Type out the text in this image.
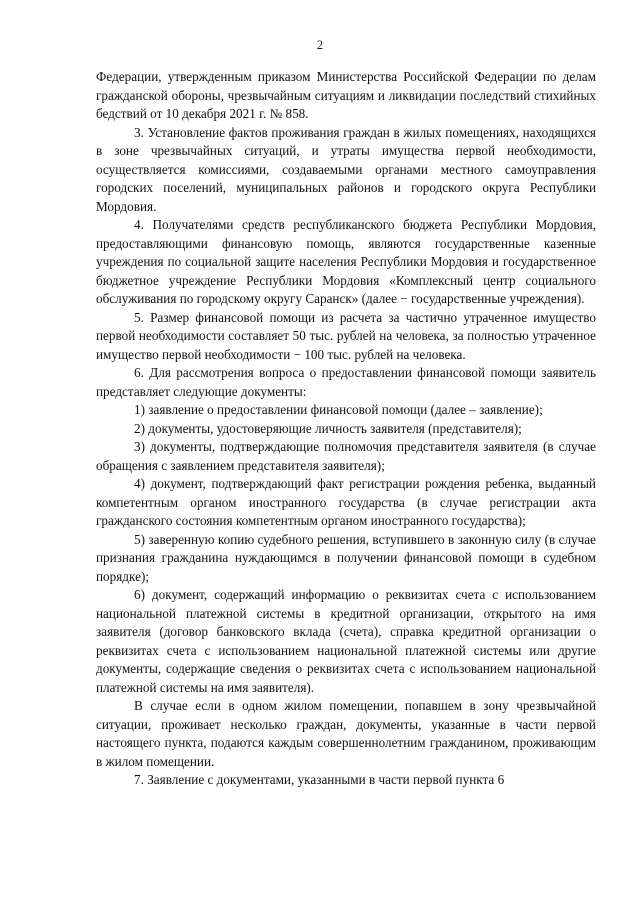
2

Федерации, утвержденным приказом Министерства Российской Федерации по делам гражданской обороны, чрезвычайным ситуациям и ликвидации последствий стихийных бедствий от 10 декабря 2021 г. № 858.

3. Установление фактов проживания граждан в жилых помещениях, находящихся в зоне чрезвычайных ситуаций, и утраты имущества первой необходимости, осуществляется комиссиями, создаваемыми органами местного самоуправления городских поселений, муниципальных районов и городского округа Республики Мордовия.

4. Получателями средств республиканского бюджета Республики Мордовия, предоставляющими финансовую помощь, являются государственные казенные учреждения по социальной защите населения Республики Мордовия и государственное бюджетное учреждение Республики Мордовия «Комплексный центр социального обслуживания по городскому округу Саранск» (далее − государственные учреждения).

5. Размер финансовой помощи из расчета за частично утраченное имущество первой необходимости составляет 50 тыс. рублей на человека, за полностью утраченное имущество первой необходимости − 100 тыс. рублей на человека.

6. Для рассмотрения вопроса о предоставлении финансовой помощи заявитель представляет следующие документы:

1) заявление о предоставлении финансовой помощи (далее – заявление);

2) документы, удостоверяющие личность заявителя (представителя);

3) документы, подтверждающие полномочия представителя заявителя (в случае обращения с заявлением представителя заявителя);

4) документ, подтверждающий факт регистрации рождения ребенка, выданный компетентным органом иностранного государства (в случае регистрации акта гражданского состояния компетентным органом иностранного государства);

5) заверенную копию судебного решения, вступившего в законную силу (в случае признания гражданина нуждающимся в получении финансовой помощи в судебном порядке);

6) документ, содержащий информацию о реквизитах счета с использованием национальной платежной системы в кредитной организации, открытого на имя заявителя (договор банковского вклада (счета), справка кредитной организации о реквизитах счета с использованием национальной платежной системы или другие документы, содержащие сведения о реквизитах счета с использованием национальной платежной системы на имя заявителя).

В случае если в одном жилом помещении, попавшем в зону чрезвычайной ситуации, проживает несколько граждан, документы, указанные в части первой настоящего пункта, подаются каждым совершеннолетним гражданином, проживающим в жилом помещении.

7. Заявление с документами, указанными в части первой пункта 6
